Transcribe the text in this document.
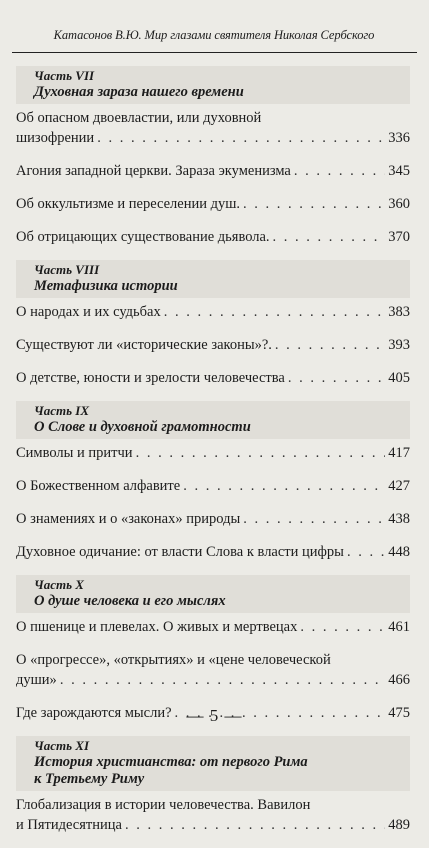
Катасонов В.Ю. Мир глазами святителя Николая Сербского
Часть VII
Духовная зараза нашего времени
Об опасном двоевластии, или духовной
шизофрении . . .	336
Агония западной церкви. Зараза экуменизма . . .	345
Об оккультизме и переселении душ. . . .	360
Об отрицающих существование дьявола. . . .	370
Часть VIII
Метафизика истории
О народах и их судьбах . . .	383
Существуют ли «исторические законы»?. . . .	393
О детстве, юности и зрелости человечества . . .	405
Часть IX
О Слове и духовной грамотности
Символы и притчи . . .	417
О Божественном алфавите . . .	427
О знамениях и о «законах» природы . . .	438
Духовное одичание: от власти Слова к власти цифры . . .	448
Часть X
О душе человека и его мыслях
О пшенице и плевелах. О живых и мертвецах . . .	461
О «прогрессе», «открытиях» и «цене человеческой
души» . . .	466
Где зарождаются мысли? . . .	475
Часть XI
История христианства: от первого Рима
к Третьему Риму
Глобализация в истории человечества. Вавилон
и Пятидесятница . . .	489
— 5 —
